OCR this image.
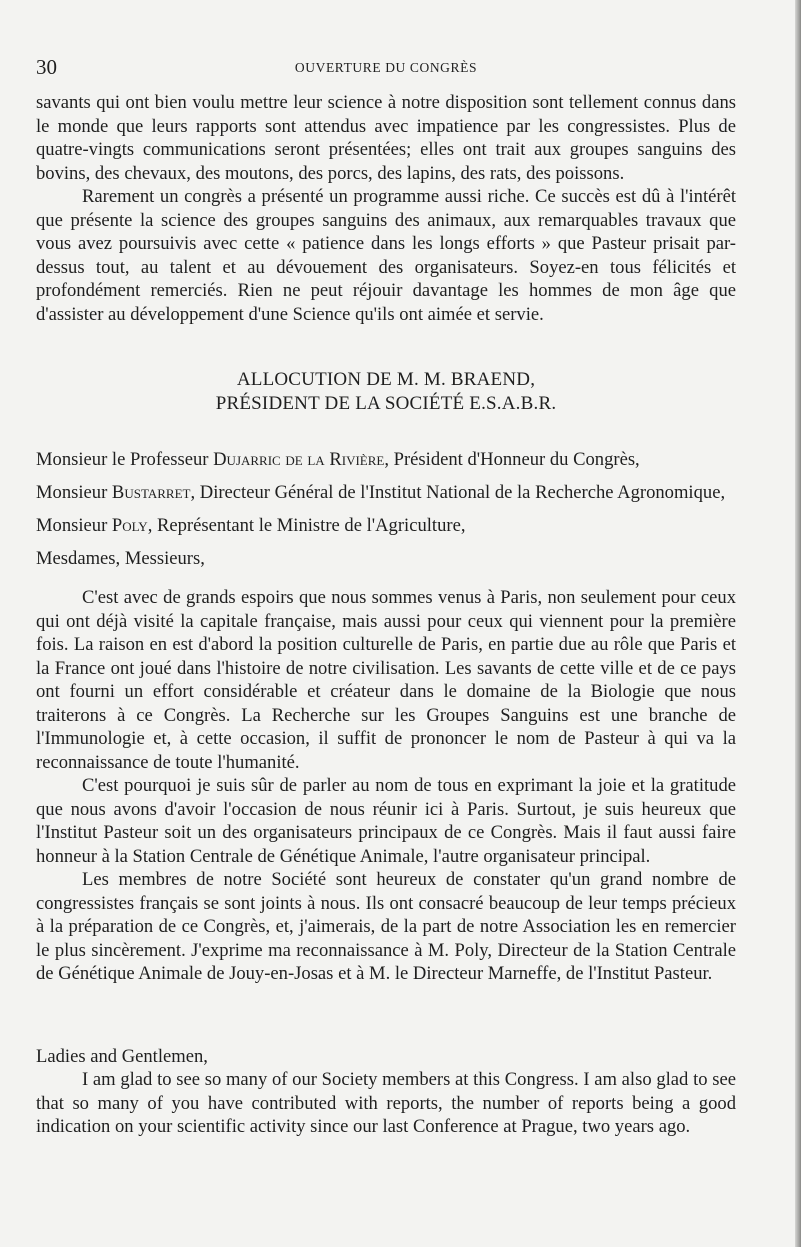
30	OUVERTURE DU CONGRÈS

savants qui ont bien voulu mettre leur science à notre disposition sont tellement connus dans le monde que leurs rapports sont attendus avec impatience par les congressistes. Plus de quatre-vingts communications seront présentées; elles ont trait aux groupes sanguins des bovins, des chevaux, des moutons, des porcs, des lapins, des rats, des poissons.

Rarement un congrès a présenté un programme aussi riche. Ce succès est dû à l'intérêt que présente la science des groupes sanguins des animaux, aux remarquables travaux que vous avez poursuivis avec cette « patience dans les longs efforts » que Pasteur prisait par-dessus tout, au talent et au dévouement des organisateurs. Soyez-en tous félicités et profondément remerciés. Rien ne peut réjouir davantage les hommes de mon âge que d'assister au développement d'une Science qu'ils ont aimée et servie.

ALLOCUTION DE M. M. BRAEND,
PRÉSIDENT DE LA SOCIÉTÉ E.S.A.B.R.

Monsieur le Professeur Dujarric de la Rivière, Président d'Honneur du Congrès,

Monsieur Bustarret, Directeur Général de l'Institut National de la Recherche Agronomique,

Monsieur Poly, Représentant le Ministre de l'Agriculture,

Mesdames, Messieurs,

C'est avec de grands espoirs que nous sommes venus à Paris, non seulement pour ceux qui ont déjà visité la capitale française, mais aussi pour ceux qui viennent pour la première fois. La raison en est d'abord la position culturelle de Paris, en partie due au rôle que Paris et la France ont joué dans l'histoire de notre civilisation. Les savants de cette ville et de ce pays ont fourni un effort considérable et créateur dans le domaine de la Biologie que nous traiterons à ce Congrès. La Recherche sur les Groupes Sanguins est une branche de l'Immunologie et, à cette occasion, il suffit de prononcer le nom de Pasteur à qui va la reconnaissance de toute l'humanité.

C'est pourquoi je suis sûr de parler au nom de tous en exprimant la joie et la gratitude que nous avons d'avoir l'occasion de nous réunir ici à Paris. Surtout, je suis heureux que l'Institut Pasteur soit un des organisateurs principaux de ce Congrès. Mais il faut aussi faire honneur à la Station Centrale de Génétique Animale, l'autre organisateur principal.

Les membres de notre Société sont heureux de constater qu'un grand nombre de congressistes français se sont joints à nous. Ils ont consacré beaucoup de leur temps précieux à la préparation de ce Congrès, et, j'aimerais, de la part de notre Association les en remercier le plus sincèrement. J'exprime ma reconnaissance à M. Poly, Directeur de la Station Centrale de Génétique Animale de Jouy-en-Josas et à M. le Directeur Marneffe, de l'Institut Pasteur.

Ladies and Gentlemen,

I am glad to see so many of our Society members at this Congress. I am also glad to see that so many of you have contributed with reports, the number of reports being a good indication on your scientific activity since our last Conference at Prague, two years ago.
